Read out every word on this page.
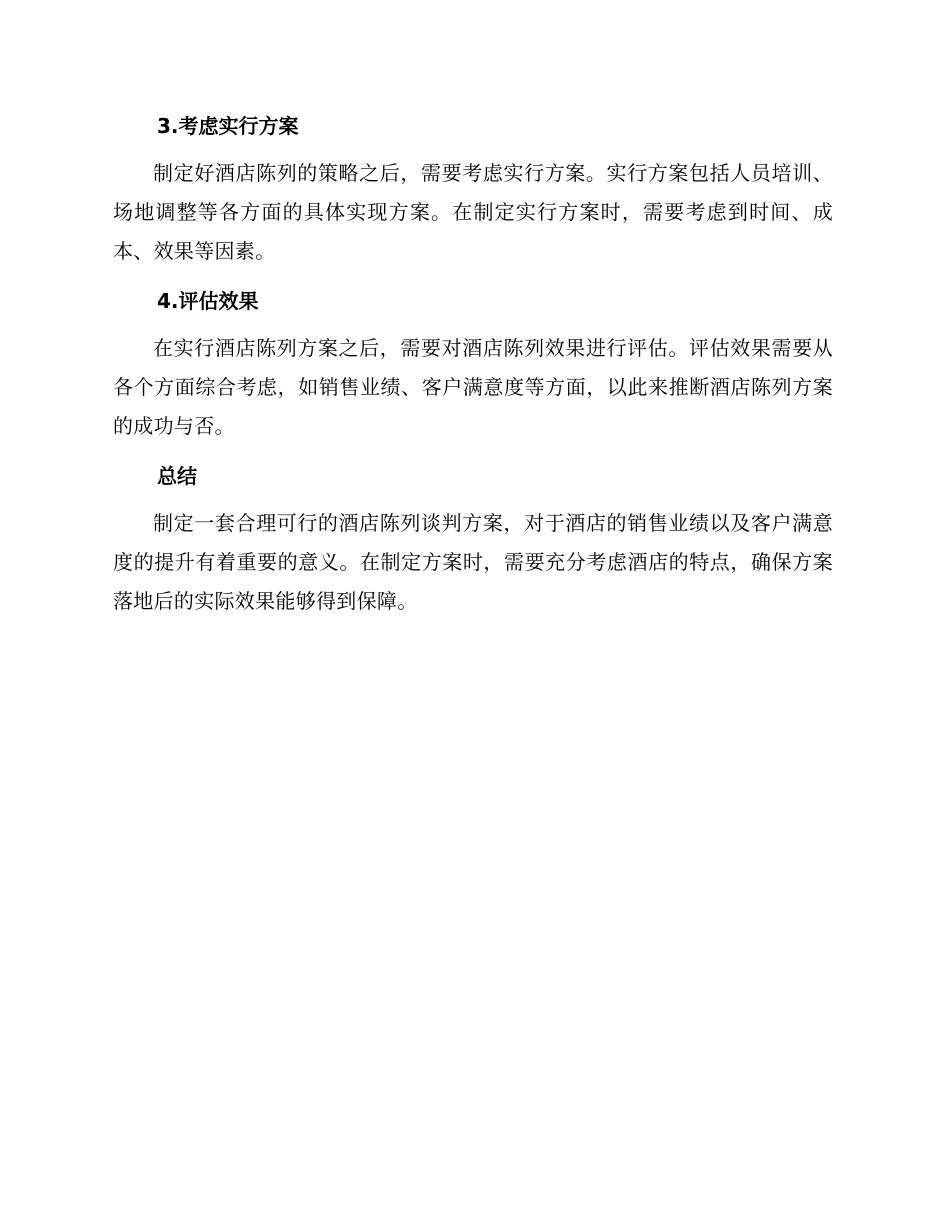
3.考虑实行方案

制定好酒店陈列的策略之后，需要考虑实行方案。实行方案包括人员培训、场地调整等各方面的具体实现方案。在制定实行方案时，需要考虑到时间、成本、效果等因素。

4.评估效果

在实行酒店陈列方案之后，需要对酒店陈列效果进行评估。评估效果需要从各个方面综合考虑，如销售业绩、客户满意度等方面，以此来推断酒店陈列方案的成功与否。

总结

制定一套合理可行的酒店陈列谈判方案，对于酒店的销售业绩以及客户满意度的提升有着重要的意义。在制定方案时，需要充分考虑酒店的特点，确保方案落地后的实际效果能够得到保障。
